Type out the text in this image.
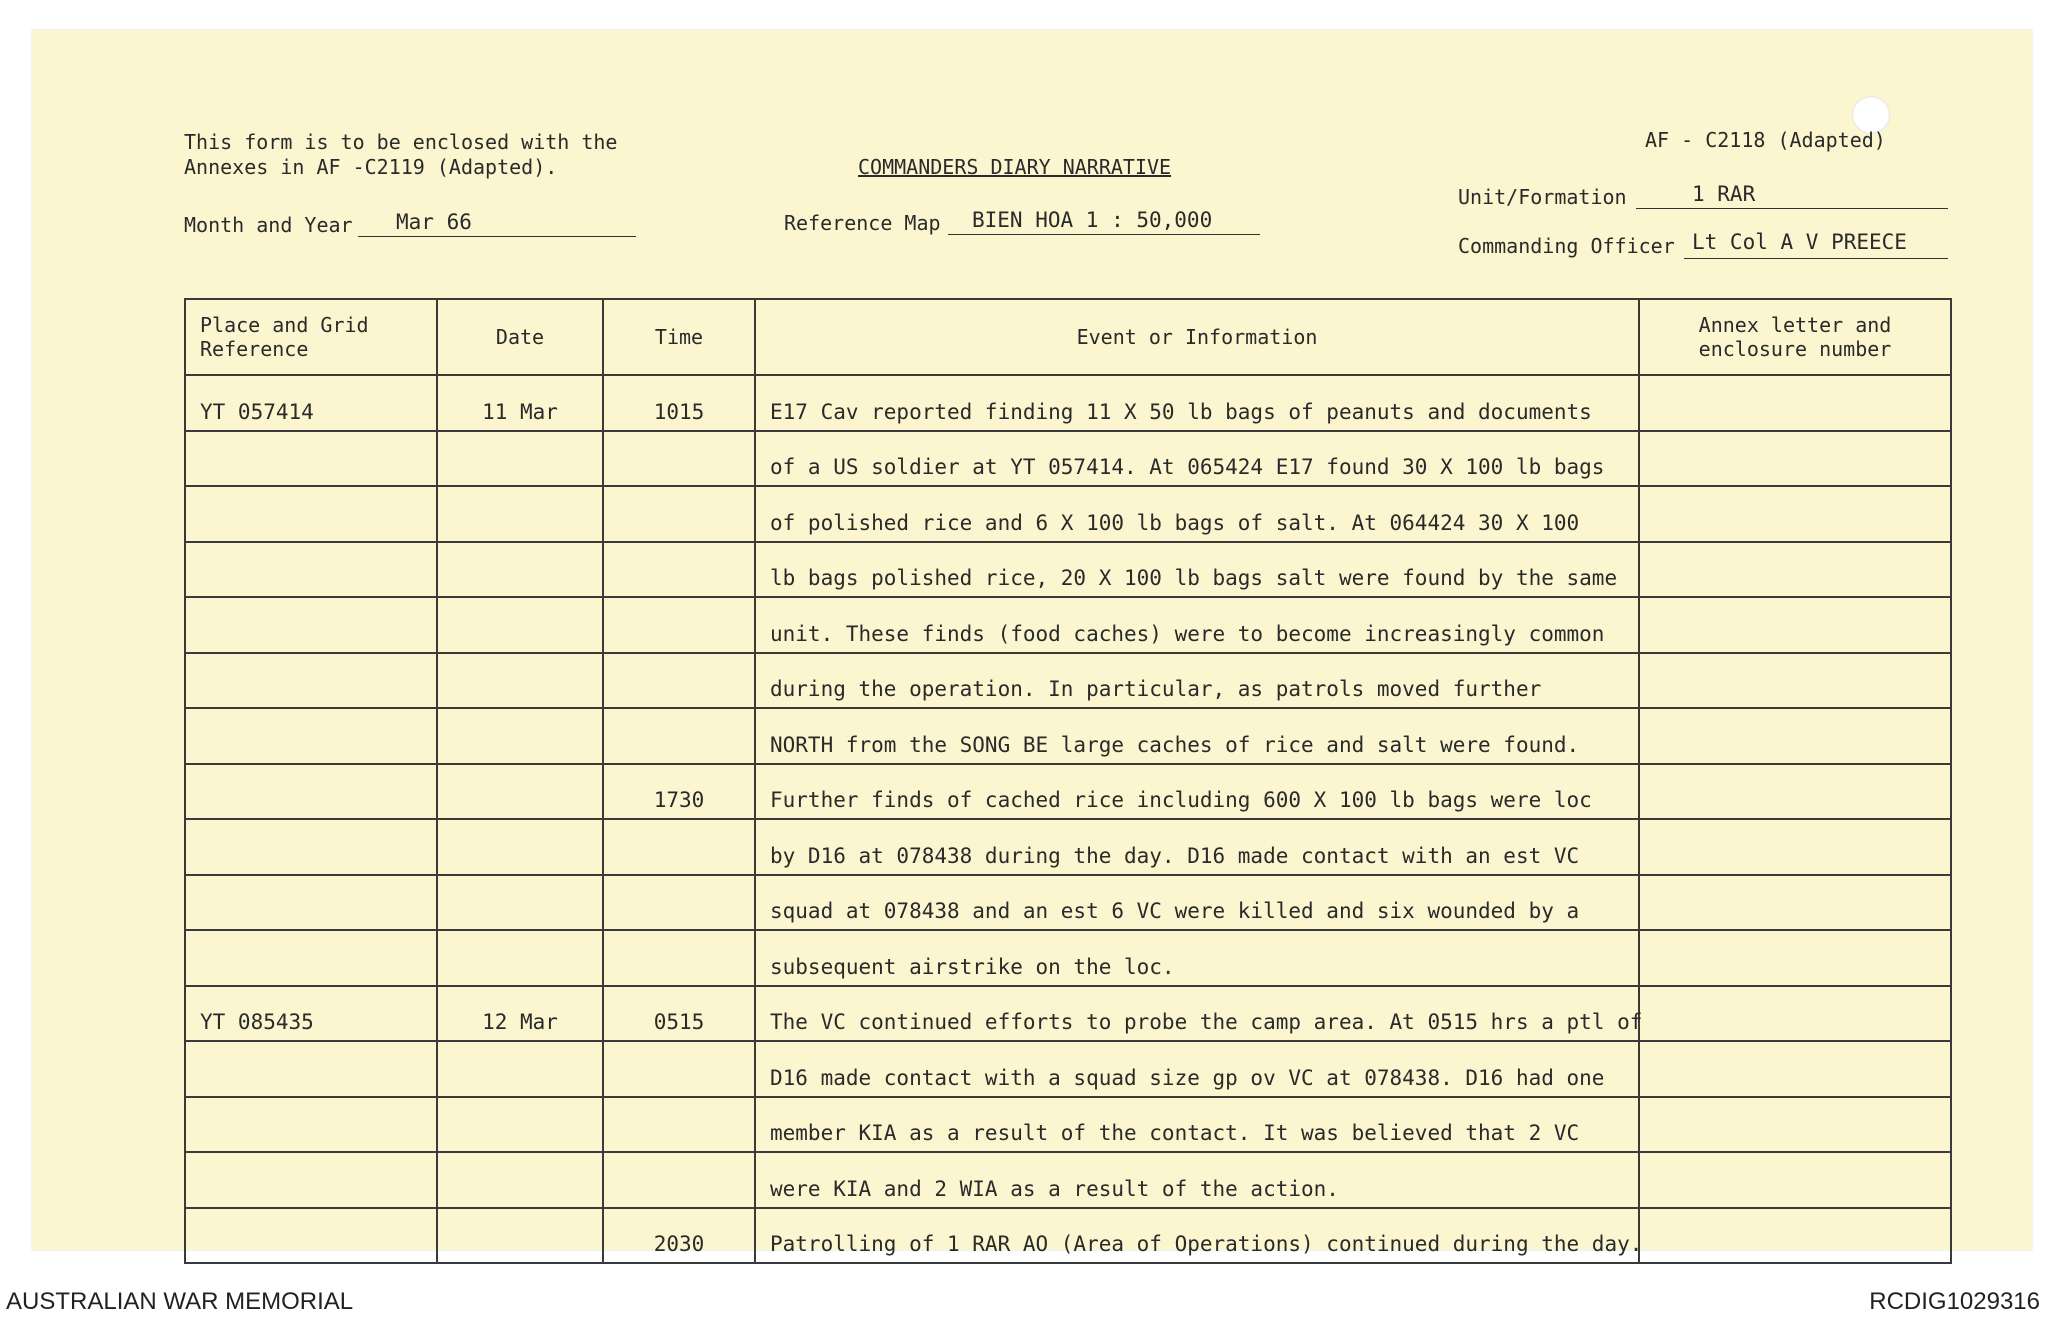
This form is to be enclosed with the
Annexes in AF -C2119 (Adapted).	COMMANDERS DIARY NARRATIVE
AF - C2118 (Adapted)
Month and Year Mar 66	Reference Map BIEN HOA 1 : 50,000
Unit/Formation	1 RAR
Commanding Officer Lt Col A V PREECE
Place and Grid Reference	Date	Time	Event or Information	Annex letter and enclosure number
YT 057414	11 Mar	1015	E17 Cav reported finding 11 X 50 lb bags of peanuts and documents	
			of a US soldier at YT 057414. At 065424 E17 found 30 X 100 lb bags	
			of polished rice and 6 X 100 lb bags of salt. At 064424 30 X 100	
			lb bags polished rice, 20 X 100 lb bags salt were found by the same	
			unit. These finds (food caches) were to become increasingly common	
			during the operation. In particular, as patrols moved further	
			NORTH from the SONG BE large caches of rice and salt were found.	
		1730	Further finds of cached rice including 600 X 100 lb bags were loc	
			by D16 at 078438 during the day. D16 made contact with an est VC	
			squad at 078438 and an est 6 VC were killed and six wounded by a	
			subsequent airstrike on the loc.	
YT 085435	12 Mar	0515	The VC continued efforts to probe the camp area. At 0515 hrs a ptl of	
			D16 made contact with a squad size gp ov VC at 078438. D16 had one	
			member KIA as a result of the contact. It was believed that 2 VC	
			were KIA and 2 WIA as a result of the action.	
		2030	Patrolling of 1 RAR AO (Area of Operations) continued during the day.	
AUSTRALIAN WAR MEMORIAL	RCDIG1029316
